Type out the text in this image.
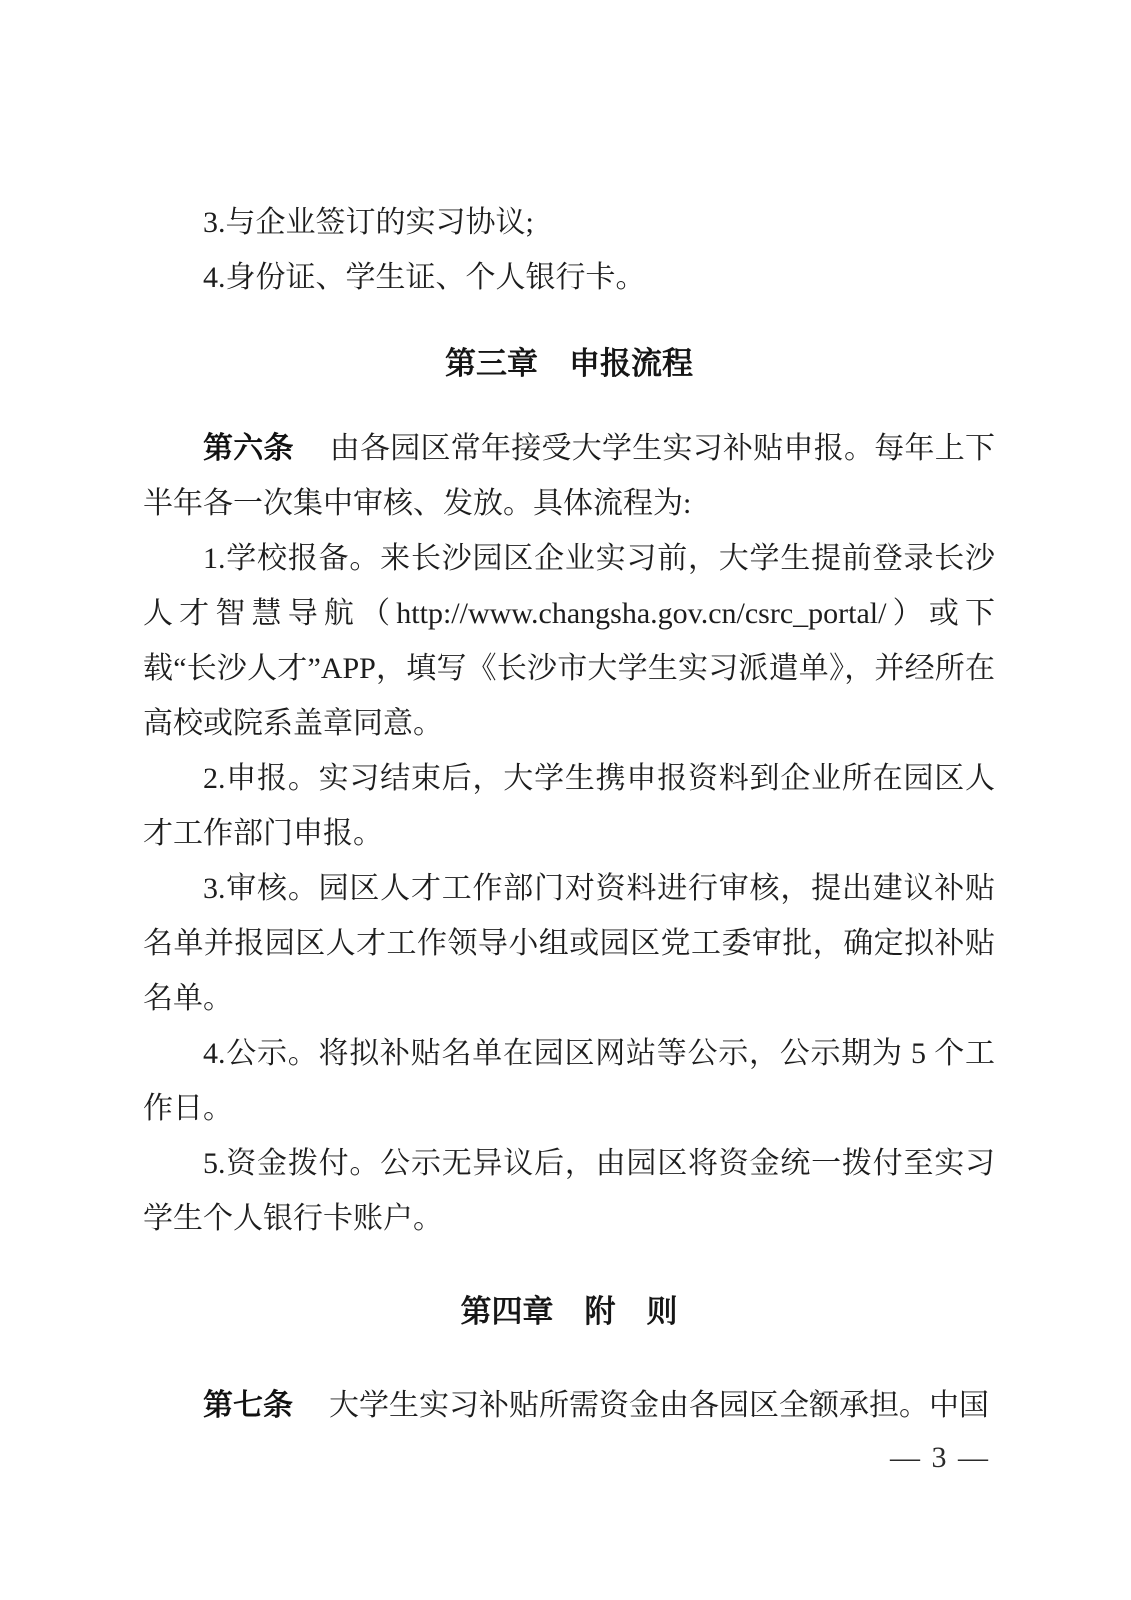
3.与企业签订的实习协议;

4.身份证、学生证、个人银行卡。

第三章　申报流程

第六条 由各园区常年接受大学生实习补贴申报。每年上下半年各一次集中审核、发放。具体流程为:

1.学校报备。来长沙园区企业实习前，大学生提前登录长沙人才智慧导航（http://www.changsha.gov.cn/csrc_portal/）或下载“长沙人才”APP，填写《长沙市大学生实习派遣单》，并经所在高校或院系盖章同意。

2.申报。实习结束后，大学生携申报资料到企业所在园区人才工作部门申报。

3.审核。园区人才工作部门对资料进行审核，提出建议补贴名单并报园区人才工作领导小组或园区党工委审批，确定拟补贴名单。

4.公示。将拟补贴名单在园区网站等公示，公示期为 5 个工作日。

5.资金拨付。公示无异议后，由园区将资金统一拨付至实习学生个人银行卡账户。

第四章　附　则

第七条 大学生实习补贴所需资金由各园区全额承担。中国

— 3 —
